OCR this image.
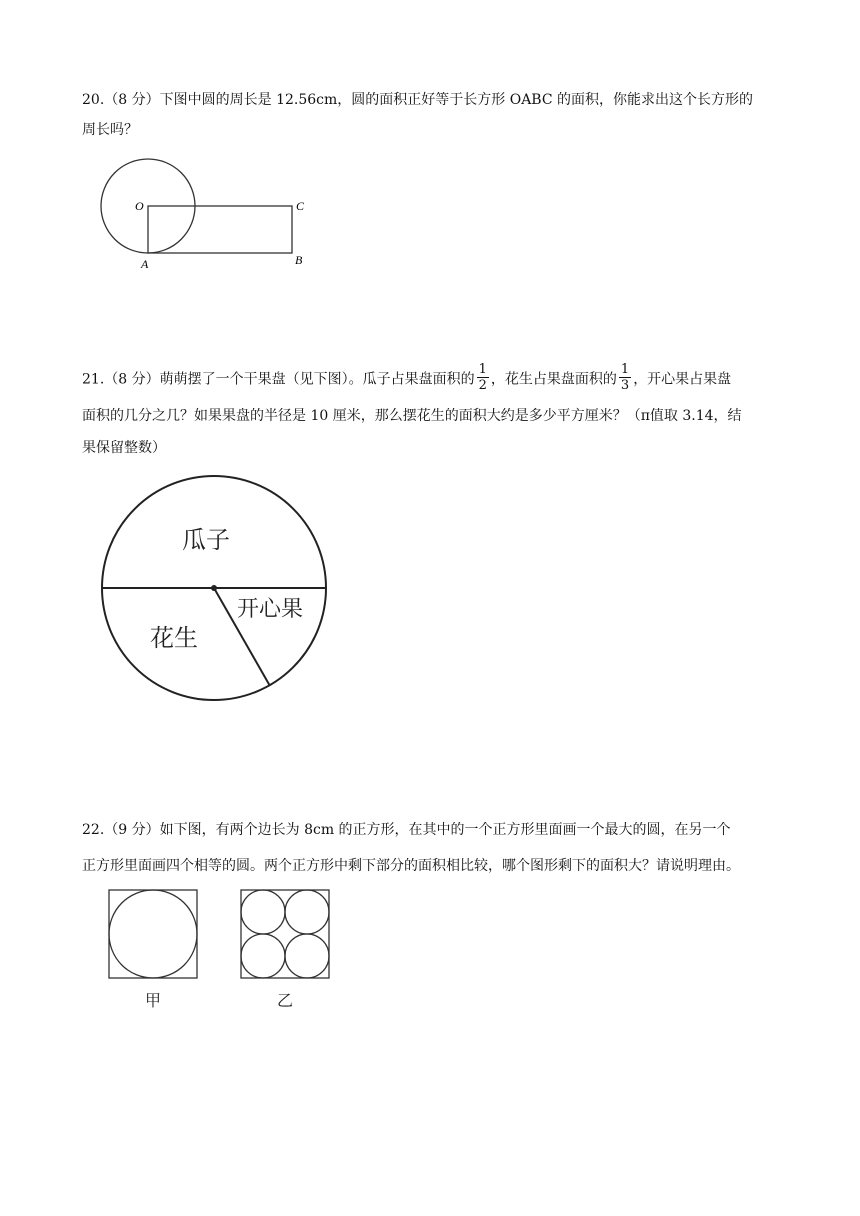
20.（8 分）下图中圆的周长是 12.56cm，圆的面积正好等于长方形 OABC 的面积，你能求出这个长方形的
周长吗？
21.（8 分）萌萌摆了一个干果盘（见下图）。瓜子占果盘面积的 $\frac{1}{2}$ ，花生占果盘面积的 $\frac{1}{3}$ ，开心果占果盘
面积的几分之几？如果果盘的半径是 10 厘米，那么摆花生的面积大约是多少平方厘米？（π值取 3.14，结
果保留整数）
22.（9 分）如下图，有两个边长为 8cm 的正方形，在其中的一个正方形里面画一个最大的圆，在另一个
正方形里面画四个相等的圆。两个正方形中剩下部分的面积相比较，哪个图形剩下的面积大？请说明理由。
O	C
A	B
瓜子
开心果
花生
甲	乙
